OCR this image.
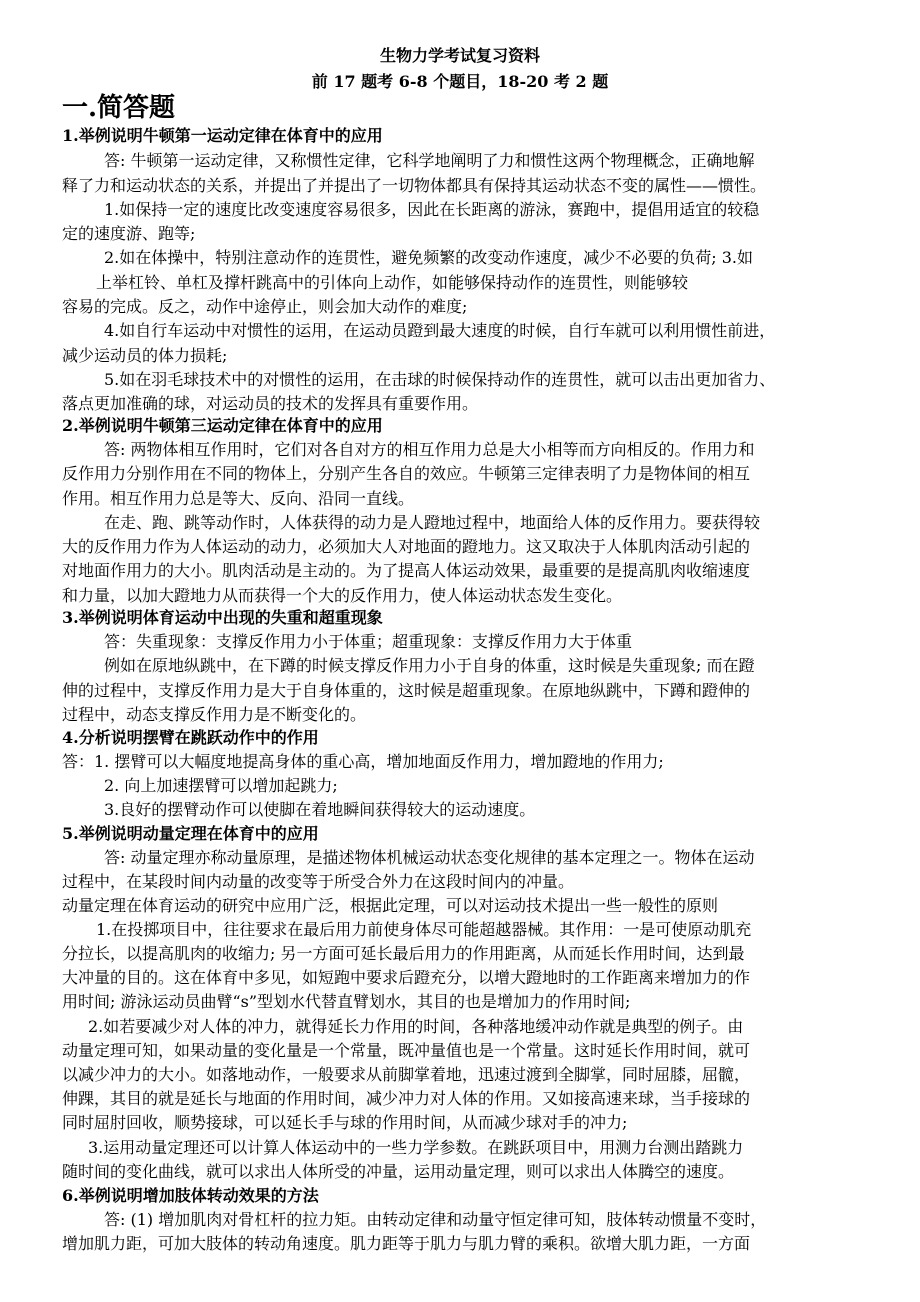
生物力学考试复习资料
前 17 题考 6-8 个题目，18-20 考 2 题
一.简答题
1.举例说明牛顿第一运动定律在体育中的应用
答: 牛顿第一运动定律，又称惯性定律，它科学地阐明了力和惯性这两个物理概念，正确地解
释了力和运动状态的关系，并提出了并提出了一切物体都具有保持其运动状态不变的属性——惯性。
1.如保持一定的速度比改变速度容易很多，因此在长距离的游泳，赛跑中，提倡用适宜的较稳
定的速度游、跑等;
2.如在体操中，特别注意动作的连贯性，避免频繁的改变动作速度，减少不必要的负荷; 3.如
上举杠铃、单杠及撑杆跳高中的引体向上动作，如能够保持动作的连贯性，则能够较
容易的完成。反之，动作中途停止，则会加大动作的难度;
4.如自行车运动中对惯性的运用，在运动员蹬到最大速度的时候，自行车就可以利用惯性前进，
减少运动员的体力损耗;
5.如在羽毛球技术中的对惯性的运用，在击球的时候保持动作的连贯性，就可以击出更加省力、
落点更加准确的球，对运动员的技术的发挥具有重要作用。
2.举例说明牛顿第三运动定律在体育中的应用
答: 两物体相互作用时，它们对各自对方的相互作用力总是大小相等而方向相反的。作用力和
反作用力分别作用在不同的物体上，分别产生各自的效应。牛顿第三定律表明了力是物体间的相互
作用。相互作用力总是等大、反向、沿同一直线。
在走、跑、跳等动作时，人体获得的动力是人蹬地过程中，地面给人体的反作用力。要获得较
大的反作用力作为人体运动的动力，必须加大人对地面的蹬地力。这又取决于人体肌肉活动引起的
对地面作用力的大小。肌肉活动是主动的。为了提高人体运动效果，最重要的是提高肌肉收缩速度
和力量，以加大蹬地力从而获得一个大的反作用力，使人体运动状态发生变化。
3.举例说明体育运动中出现的失重和超重现象
答：失重现象：支撑反作用力小于体重；超重现象：支撑反作用力大于体重
例如在原地纵跳中，在下蹲的时候支撑反作用力小于自身的体重，这时候是失重现象; 而在蹬
伸的过程中，支撑反作用力是大于自身体重的，这时候是超重现象。在原地纵跳中，下蹲和蹬伸的
过程中，动态支撑反作用力是不断变化的。
4.分析说明摆臂在跳跃动作中的作用
答：1. 摆臂可以大幅度地提高身体的重心高，增加地面反作用力，增加蹬地的作用力;
2. 向上加速摆臂可以增加起跳力;
3.良好的摆臂动作可以使脚在着地瞬间获得较大的运动速度。
5.举例说明动量定理在体育中的应用
答: 动量定理亦称动量原理，是描述物体机械运动状态变化规律的基本定理之一。物体在运动
过程中，在某段时间内动量的改变等于所受合外力在这段时间内的冲量。
动量定理在体育运动的研究中应用广泛，根据此定理，可以对运动技术提出一些一般性的原则
1.在投掷项目中，往往要求在最后用力前使身体尽可能超越器械。其作用：一是可使原动肌充
分拉长，以提高肌肉的收缩力; 另一方面可延长最后用力的作用距离，从而延长作用时间，达到最
大冲量的目的。这在体育中多见，如短跑中要求后蹬充分，以增大蹬地时的工作距离来增加力的作
用时间; 游泳运动员曲臂“s”型划水代替直臂划水，其目的也是增加力的作用时间;
2.如若要减少对人体的冲力，就得延长力作用的时间，各种落地缓冲动作就是典型的例子。由
动量定理可知，如果动量的变化量是一个常量，既冲量值也是一个常量。这时延长作用时间，就可
以减少冲力的大小。如落地动作，一般要求从前脚掌着地，迅速过渡到全脚掌，同时屈膝，屈髋，
伸踝，其目的就是延长与地面的作用时间，减少冲力对人体的作用。又如接高速来球，当手接球的
同时屈肘回收，顺势接球，可以延长手与球的作用时间，从而减少球对手的冲力;
3.运用动量定理还可以计算人体运动中的一些力学参数。在跳跃项目中，用测力台测出踏跳力
随时间的变化曲线，就可以求出人体所受的冲量，运用动量定理，则可以求出人体腾空的速度。
6.举例说明增加肢体转动效果的方法
答: (1) 增加肌肉对骨杠杆的拉力矩。由转动定律和动量守恒定律可知，肢体转动惯量不变时，
增加肌力距，可加大肢体的转动角速度。肌力距等于肌力与肌力臂的乘积。欲增大肌力距，一方面
